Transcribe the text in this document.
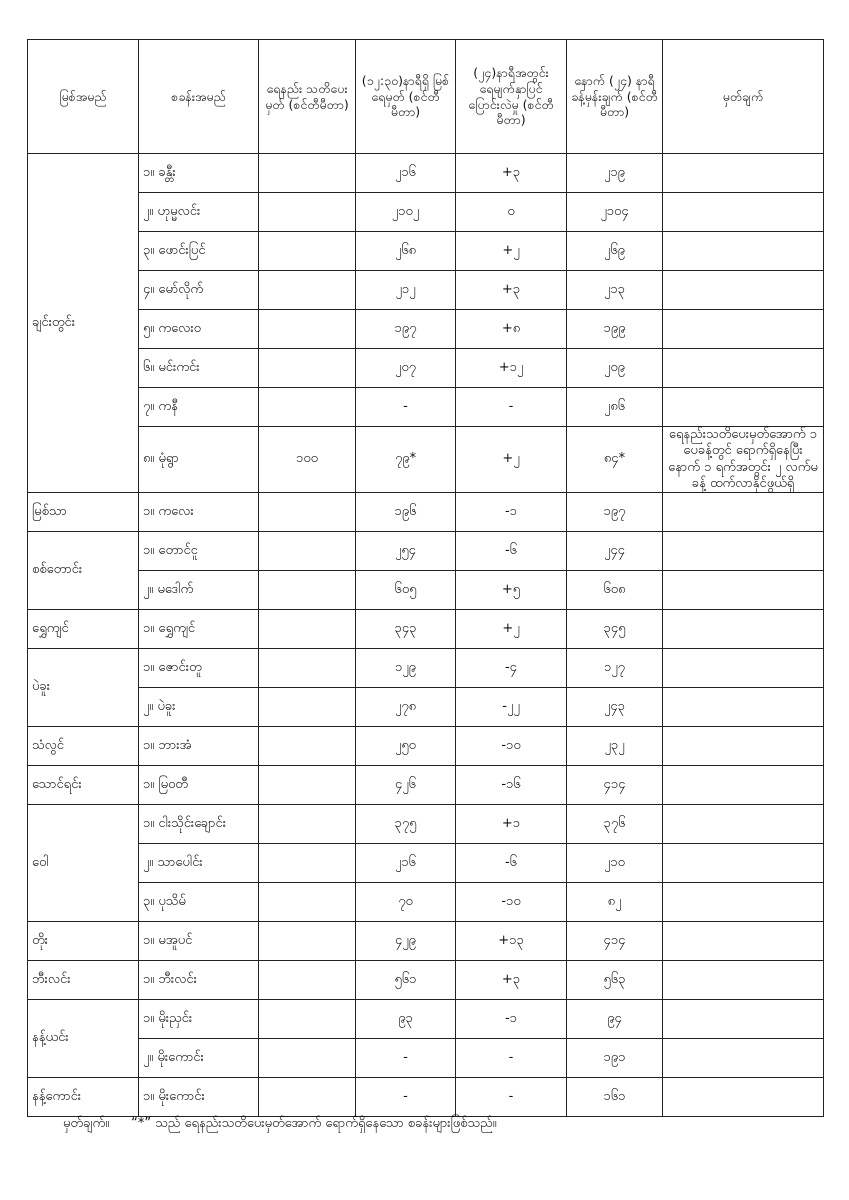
မြစ်အမည်	စခန်းအမည်	ရေနည်း သတိပေးမှတ် (စင်တီမီတာ)	(၁၂:၃၀)နာရီရှိ မြစ်ရေမှတ် (စင်တီမီတာ)	(၂၄)နာရီအတွင်း ရေမျက်နှာပြင် ပြောင်းလဲမှု (စင်တီမီတာ)	နောက် (၂၄) နာရီ ခန့်မှန်းချက် (စင်တီမီတာ)	မှတ်ချက်
ချင်းတွင်း	၁။ ခန္တီး		၂၁၆	+၃	၂၁၉	
	၂။ ဟုမ္မလင်း		၂၁၀၂	၀	၂၁၀၄	
	၃။ ဖောင်းပြင်		၂၆၈	+၂	၂၆၉	
	၄။ မော်လိုက်		၂၁၂	+၃	၂၁၃	
	၅။ ကလေးဝ		၁၉၇	+၈	၁၉၉	
	၆။ မင်းကင်း		၂၀၇	+၁၂	၂၀၉	
	၇။ ကနီ		-	-	၂၈၆	
	၈။ မုံရွာ	၁၀၀	၇၉*	+၂	၈၄*	ရေနည်းသတိပေးမှတ်အောက် ၁ ပေခန့်တွင် ရောက်ရှိနေပြီး နောက် ၁ ရက်အတွင်း ၂ လက်မခန့် ထက်လာနိုင်ဖွယ်ရှိ
မြစ်သာ	၁။ ကလေး		၁၉၆	-၁	၁၉၇	
စစ်တောင်း	၁။ တောင်ငူ		၂၅၄	-၆	၂၄၄	
	၂။ မဒေါက်		၆၀၅	+၅	၆၀၈	
ရွှေကျင်	၁။ ရွှေကျင်		၃၄၃	+၂	၃၄၅	
ပဲခူး	၁။ ဇောင်းတူ		၁၂၉	-၄	၁၂၇	
	၂။ ပဲခူး		၂၇၈	-၂၂	၂၄၃	
သံလွင်	၁။ ဘားအံ		၂၅၀	-၁၀	၂၃၂	
သောင်ရင်း	၁။ မြဝတီ		၄၂၆	-၁၆	၄၁၄	
ဝေါ	၁။ ငါးသိုင်းချောင်း		၃၇၅	+၁	၃၇၆	
	၂။ သာပေါင်း		၂၁၆	-၆	၂၁၀	
	၃။ ပုသိမ်		၇၀	-၁၀	၈၂	
တိုး	၁။ မအူပင်		၄၂၉	+၁၃	၄၁၄	
ဘီးလင်း	၁။ ဘီးလင်း		၅၆၁	+၃	၅၆၃	
နန့်ယင်း	၁။ မိုးညှင်း		၉၃	-၁	၉၄	
	၂။ မိုးကောင်း		-	-	၁၉၁	
နန့်ကောင်း	၁။ မိုးကောင်း		-	-	၁၆၁	
မှတ်ချက်။ “*” သည် ရေနည်းသတိပေးမှတ်အောက် ရောက်ရှိနေသော စခန်းများဖြစ်သည်။
